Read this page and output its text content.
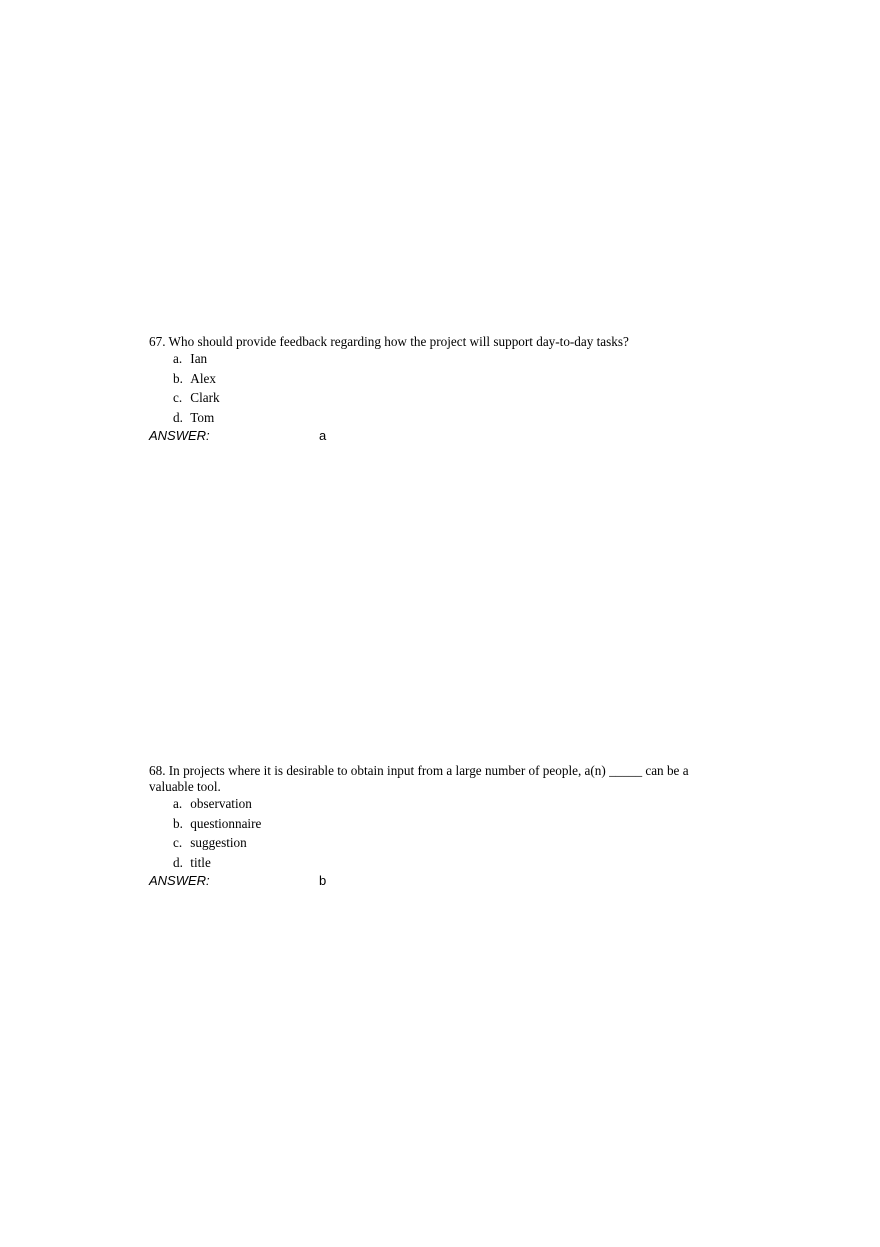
67. Who should provide feedback regarding how the project will support day-to-day tasks?

a.
Ian
b.
Alex
c.
Clark
d.
Tom
ANSWER:	a

68. In projects where it is desirable to obtain input from a large number of people, a(n) _____ can be a valuable tool.

a.
observation
b.
questionnaire
c.
suggestion
d.
title
ANSWER:	b
